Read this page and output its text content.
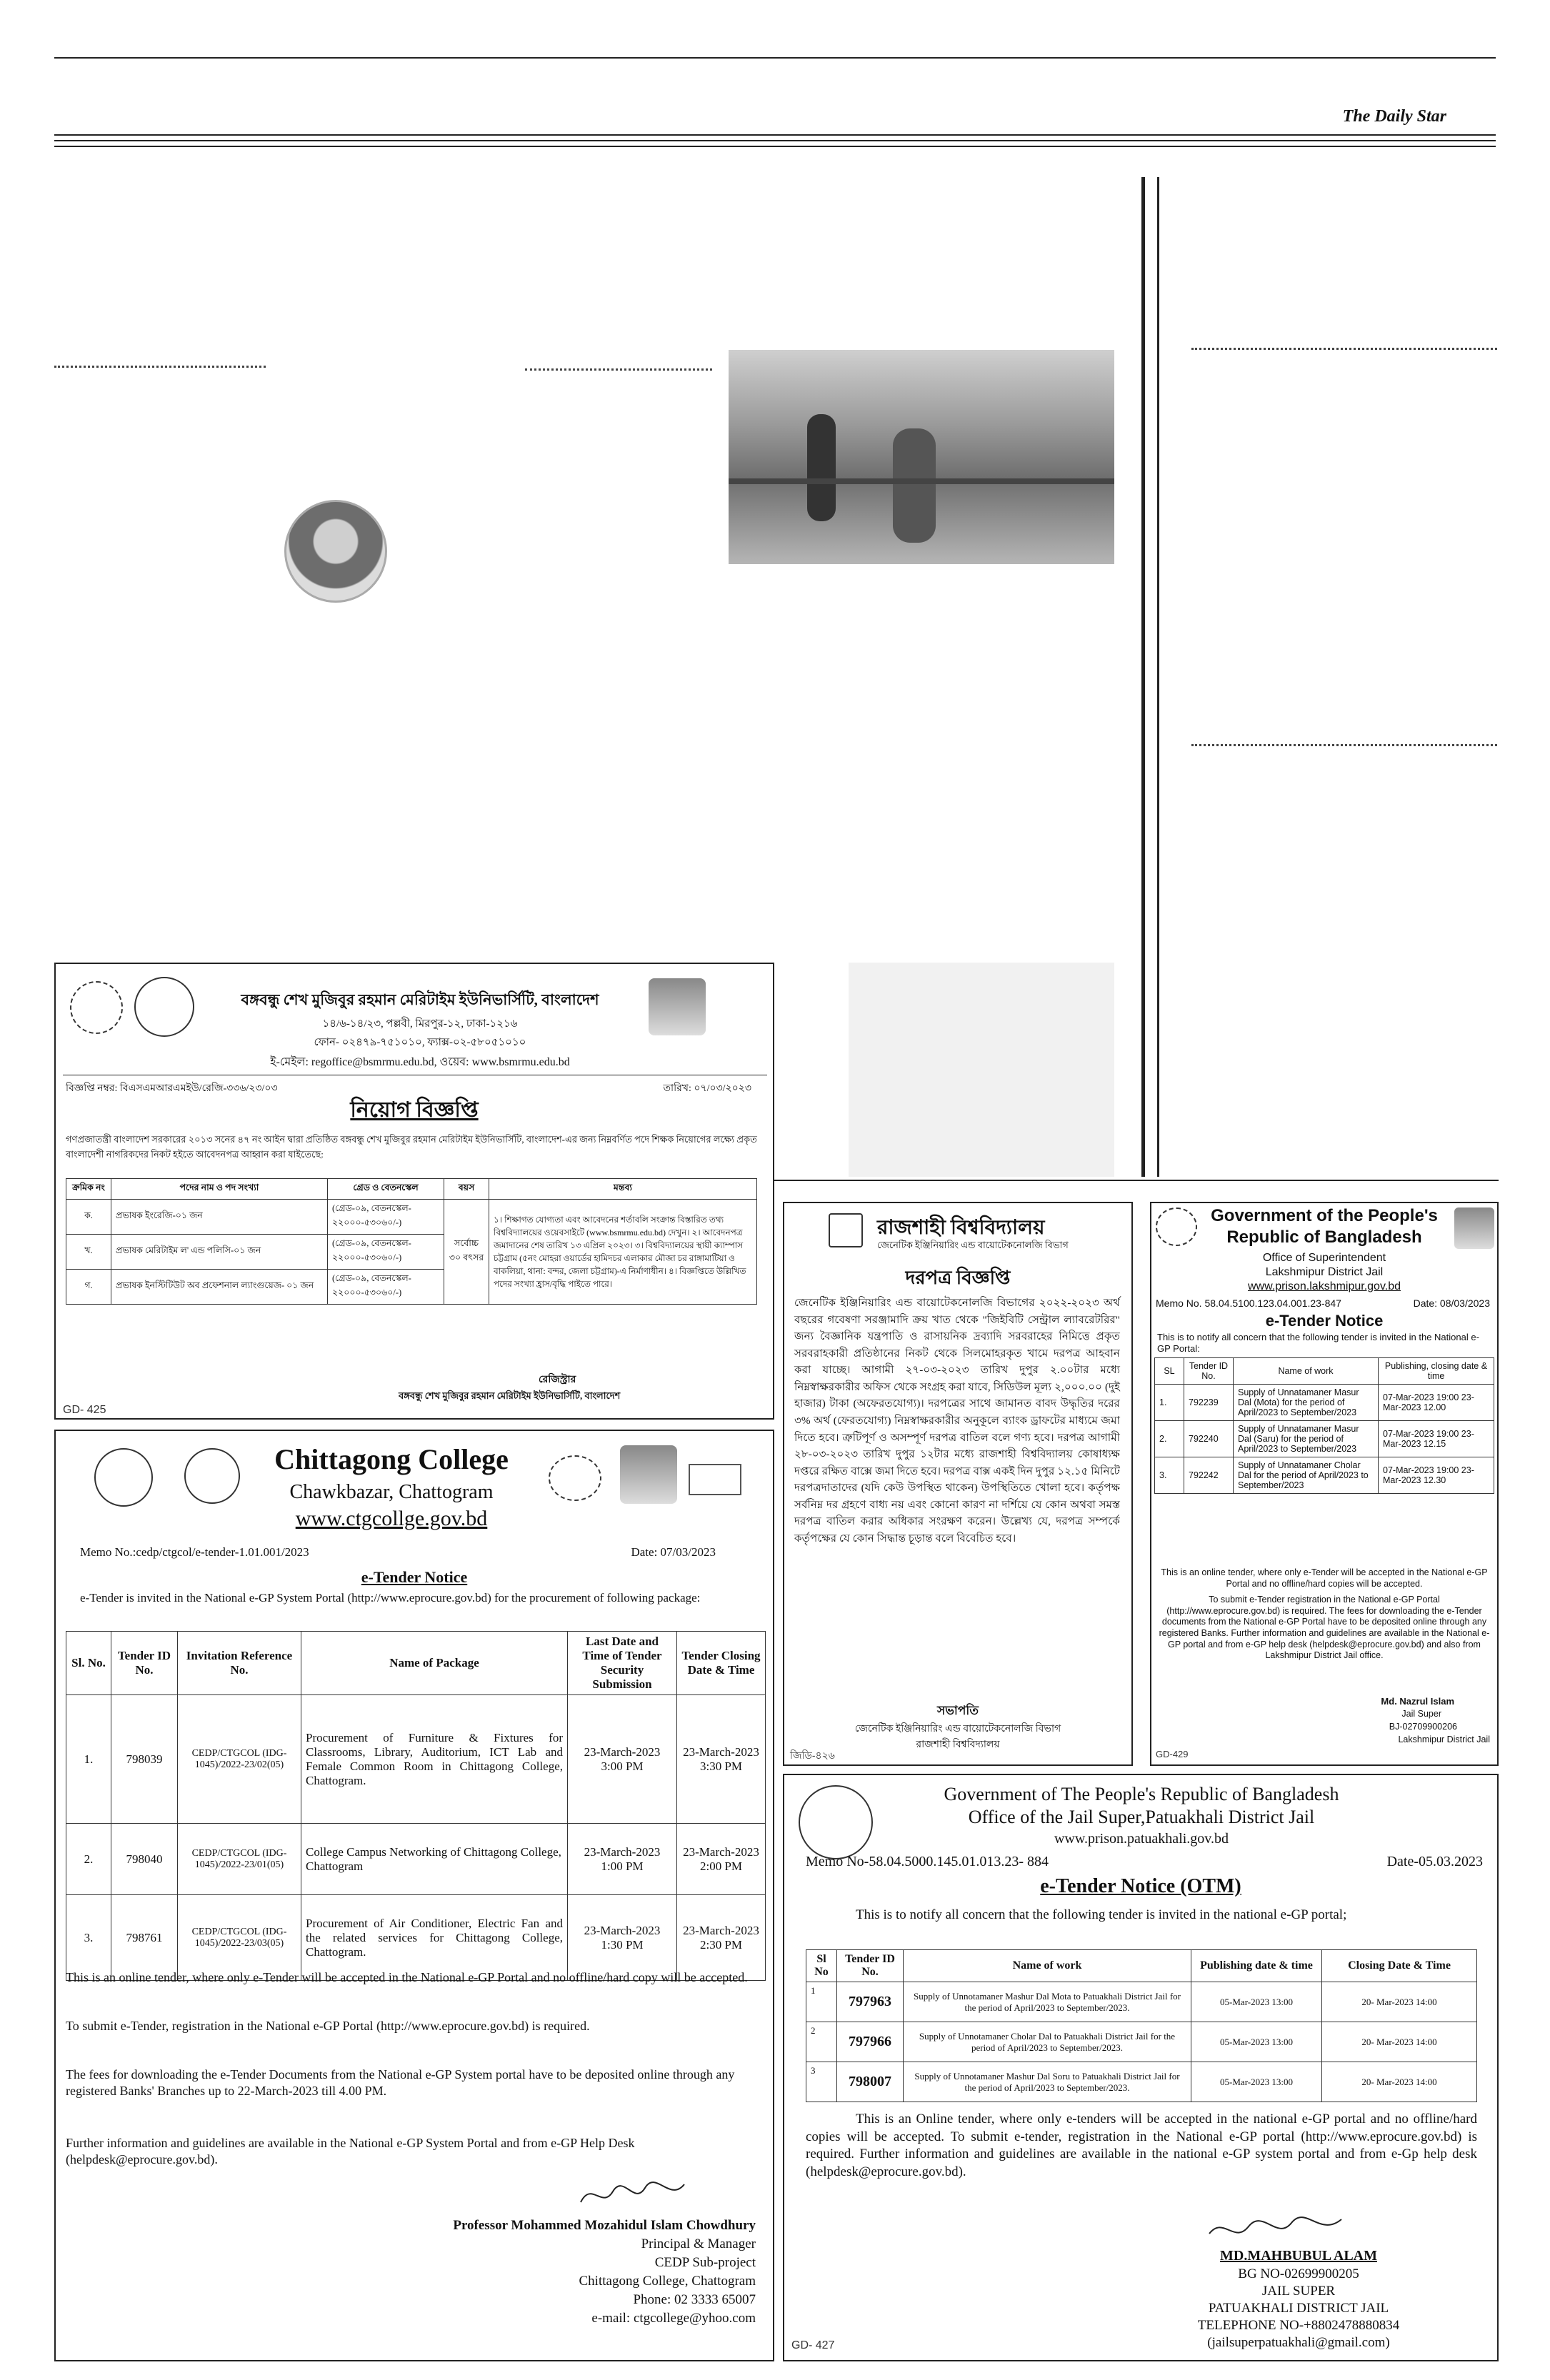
The Daily Star
বঙ্গবন্ধু শেখ মুজিবুর রহমান মেরিটাইম ইউনিভার্সিটি, বাংলাদেশ
১৪/৬-১৪/২৩, পল্লবী, মিরপুর-১২, ঢাকা-১২১৬
ফোন- ০২৪৭৯-৭৫১০১০, ফ্যাক্স-০২-৫৮০৫১০১০
ই-মেইল: regoffice@bsmrmu.edu.bd, ওয়েব: www.bsmrmu.edu.bd
বিজ্ঞপ্তি নম্বর: বিএসএমআরএমইউ/রেজি-৩৩৬/২৩/০৩	তারিখ: ০৭/০৩/২০২৩
নিয়োগ বিজ্ঞপ্তি
গণপ্রজাতন্ত্রী বাংলাদেশ সরকারের ২০১৩ সনের ৪৭ নং আইন দ্বারা প্রতিষ্ঠিত বঙ্গবন্ধু শেখ মুজিবুর রহমান মেরিটাইম ইউনিভার্সিটি, বাংলাদেশ-এর জন্য নিম্নবর্ণিত পদে শিক্ষক নিয়োগের লক্ষ্যে প্রকৃত বাংলাদেশী নাগরিকদের নিকট হইতে আবেদনপত্র আহ্বান করা যাইতেছে:
ক্রমিক নং	পদের নাম ও পদ সংখ্যা	গ্রেড ও বেতনস্কেল	বয়স	মন্তব্য
ক.	প্রভাষক ইংরেজি-০১ জন	(গ্রেড-০৯, বেতনস্কেল- ২২০০০-৫৩০৬০/-)	সর্বোচ্চ ৩০ বৎসর	১। শিক্ষাগত যোগ্যতা এবং আবেদনের শর্তাবলি সংক্রান্ত বিস্তারিত তথ্য বিশ্ববিদ্যালয়ের ওয়েবসাইটে (www.bsmrmu.edu.bd) দেখুন। ২। আবেদনপত্র জমাদানের শেষ তারিখ ১৩ এপ্রিল ২০২৩। ৩। বিশ্ববিদ্যালয়ের স্থায়ী ক্যাম্পাস চট্টগ্রাম (৫নং মোহরা ওয়ার্ডের হামিদচর এলাকার মৌজা চর রাঙ্গামাটিয়া ও বাকলিয়া, থানা: বন্দর, জেলা চট্টগ্রাম)-এ নির্মাণাধীন। ৪। বিজ্ঞপ্তিতে উল্লিখিত পদের সংখ্যা হ্রাস/বৃদ্ধি পাইতে পারে।
খ.	প্রভাষক মেরিটাইম ল' এন্ড পলিসি-০১ জন	(গ্রেড-০৯, বেতনস্কেল- ২২০০০-৫৩০৬০/-)		
গ.	প্রভাষক ইনস্টিটিউট অব প্রফেশনাল ল্যাংগুয়েজ- ০১ জন	(গ্রেড-০৯, বেতনস্কেল- ২২০০০-৫৩০৬০/-)		
রেজিস্ট্রার
বঙ্গবন্ধু শেখ মুজিবুর রহমান মেরিটাইম ইউনিভার্সিটি, বাংলাদেশ
GD- 425
Chittagong College
Chawkbazar, Chattogram
www.ctgcollge.gov.bd
Memo No.:cedp/ctgcol/e-tender-1.01.001/2023	Date: 07/03/2023
e-Tender Notice
e-Tender is invited in the National e-GP System Portal (http://www.eprocure.gov.bd) for the procurement of following package:
Sl. No.	Tender ID No.	Invitation Reference No.	Name of Package	Last Date and Time of Tender Security Submission	Tender Closing Date & Time
1.	798039	CEDP/CTGCOL (IDG-1045)/2022-23/02(05)	Procurement of Furniture & Fixtures for Classrooms, Library, Auditorium, ICT Lab and Female Common Room in Chittagong College, Chattogram.	23-March-2023 3:00 PM	23-March-2023 3:30 PM
2.	798040	CEDP/CTGCOL (IDG-1045)/2022-23/01(05)	College Campus Networking of Chittagong College, Chattogram	23-March-2023 1:00 PM	23-March-2023 2:00 PM
3.	798761	CEDP/CTGCOL (IDG-1045)/2022-23/03(05)	Procurement of Air Conditioner, Electric Fan and the related services for Chittagong College, Chattogram.	23-March-2023 1:30 PM	23-March-2023 2:30 PM
This is an online tender, where only e-Tender will be accepted in the National e-GP Portal and no offline/hard copy will be accepted.
To submit e-Tender, registration in the National e-GP Portal (http://www.eprocure.gov.bd) is required.
The fees for downloading the e-Tender Documents from the National e-GP System portal have to be deposited online through any registered Banks' Branches up to 22-March-2023 till 4.00 PM.
Further information and guidelines are available in the National e-GP System Portal and from e-GP Help Desk (helpdesk@eprocure.gov.bd).
Professor Mohammed Mozahidul Islam Chowdhury
Principal & Manager
CEDP Sub-project
Chittagong College, Chattogram
Phone: 02 3333 65007
e-mail: ctgcollege@yhoo.com
রাজশাহী বিশ্ববিদ্যালয়
জেনেটিক ইঞ্জিনিয়ারিং এন্ড বায়োটেকনোলজি বিভাগ
দরপত্র বিজ্ঞপ্তি
জেনেটিক ইঞ্জিনিয়ারিং এন্ড বায়োটেকনোলজি বিভাগের ২০২২-২০২৩ অর্থ বছরের গবেষণা সরঞ্জামাদি ক্রয় খাত থেকে "জিইবিটি সেন্ট্রাল ল্যাবরেটরির" জন্য বৈজ্ঞানিক যন্ত্রপাতি ও রাসায়নিক দ্রব্যাদি সরবরাহের নিমিত্তে প্রকৃত সরবরাহকারী প্রতিষ্ঠানের নিকট থেকে সিলমোহরকৃত খামে দরপত্র আহবান করা যাচ্ছে। আগামী ২৭-০৩-২০২৩ তারিখ দুপুর ২.০০টার মধ্যে নিম্নস্বাক্ষরকারীর অফিস থেকে সংগ্রহ করা যাবে, সিডিউল মূল্য ২,০০০.০০ (দুই হাজার) টাকা (অফেরতযোগ্য)। দরপত্রের সাথে জামানত বাবদ উদ্ধৃতির দরের ৩% অর্থ (ফেরতযোগ্য) নিম্নস্বাক্ষরকারীর অনুকূলে ব্যাংক ড্রাফটের মাধ্যমে জমা দিতে হবে। ত্রুটিপূর্ণ ও অসম্পূর্ণ দরপত্র বাতিল বলে গণ্য হবে। দরপত্র আগামী ২৮-০৩-২০২৩ তারিখ দুপুর ১২টার মধ্যে রাজশাহী বিশ্ববিদ্যালয় কোষাধ্যক্ষ দপ্তরে রক্ষিত বাক্সে জমা দিতে হবে। দরপত্র বাক্স একই দিন দুপুর ১২.১৫ মিনিটে দরপত্রদাতাদের (যদি কেউ উপস্থিত থাকেন) উপস্থিতিতে খোলা হবে। কর্তৃপক্ষ সর্বনিম্ন দর গ্রহণে বাধ্য নয় এবং কোনো কারণ না দর্শিয়ে যে কোন অথবা সমস্ত দরপত্র বাতিল করার অধিকার সংরক্ষণ করেন। উল্লেখ্য যে, দরপত্র সম্পর্কে কর্তৃপক্ষের যে কোন সিদ্ধান্ত চূড়ান্ত বলে বিবেচিত হবে।
সভাপতি
জেনেটিক ইঞ্জিনিয়ারিং এন্ড বায়োটেকনোলজি বিভাগ
রাজশাহী বিশ্ববিদ্যালয়
জিডি-৪২৬
Government of the People's
Republic of Bangladesh
Office of Superintendent
Lakshmipur District Jail
www.prison.lakshmipur.gov.bd
Memo No. 58.04.5100.123.04.001.23-847	Date: 08/03/2023
e-Tender Notice
This is to notify all concern that the following tender is invited in the National e-GP Portal:
SL	Tender ID No.	Name of work	Publishing, closing date & time
1.	792239	Supply of Unnatamaner Masur Dal (Mota) for the period of April/2023 to September/2023	07-Mar-2023 19:00 23-Mar-2023 12.00
2.	792240	Supply of Unnatamaner Masur Dal (Saru) for the period of April/2023 to September/2023	07-Mar-2023 19:00 23-Mar-2023 12.15
3.	792242	Supply of Unnatamaner Cholar Dal for the period of April/2023 to September/2023	07-Mar-2023 19:00 23-Mar-2023 12.30
This is an online tender, where only e-Tender will be accepted in the National e-GP Portal and no offline/hard copies will be accepted.
To submit e-Tender registration in the National e-GP Portal (http://www.eprocure.gov.bd) is required. The fees for downloading the e-Tender documents from the National e-GP Portal have to be deposited online through any registered Banks. Further information and guidelines are available in the National e-GP portal and from e-GP help desk (helpdesk@eprocure.gov.bd) and also from Lakshmipur District Jail office.
Md. Nazrul Islam
Jail Super
BJ-02709900206
Lakshmipur District Jail
GD-429
Government of The People's Republic of Bangladesh
Office of the Jail Super,Patuakhali District Jail
www.prison.patuakhali.gov.bd
Memo No-58.04.5000.145.01.013.23- 884	Date-05.03.2023
e-Tender Notice (OTM)
This is to notify all concern that the following tender is invited in the national e-GP portal;
Sl No	Tender ID No.	Name of work	Publishing date & time	Closing Date & Time
1	797963	Supply of Unnotamaner Mashur Dal Mota to Patuakhali District Jail for the period of April/2023 to September/2023.	05-Mar-2023 13:00	20- Mar-2023 14:00
2	797966	Supply of Unnotamaner Cholar Dal to Patuakhali District Jail for the period of April/2023 to September/2023.	05-Mar-2023 13:00	20- Mar-2023 14:00
3	798007	Supply of Unnotamaner Mashur Dal Soru to Patuakhali District Jail for the period of April/2023 to September/2023.	05-Mar-2023 13:00	20- Mar-2023 14:00
This is an Online tender, where only e-tenders will be accepted in the national e-GP portal and no offline/hard copies will be accepted. To submit e-tender, registration in the National e-GP portal (http://www.eprocure.gov.bd) is required. Further information and guidelines are available in the national e-GP system portal and from e-Gp help desk (helpdesk@eprocure.gov.bd).
MD.MAHBUBUL ALAM
BG NO-02699900205
JAIL SUPER
PATUAKHALI DISTRICT JAIL
TELEPHONE NO-+8802478880834
(jailsuperpatuakhali@gmail.com)
GD- 427
